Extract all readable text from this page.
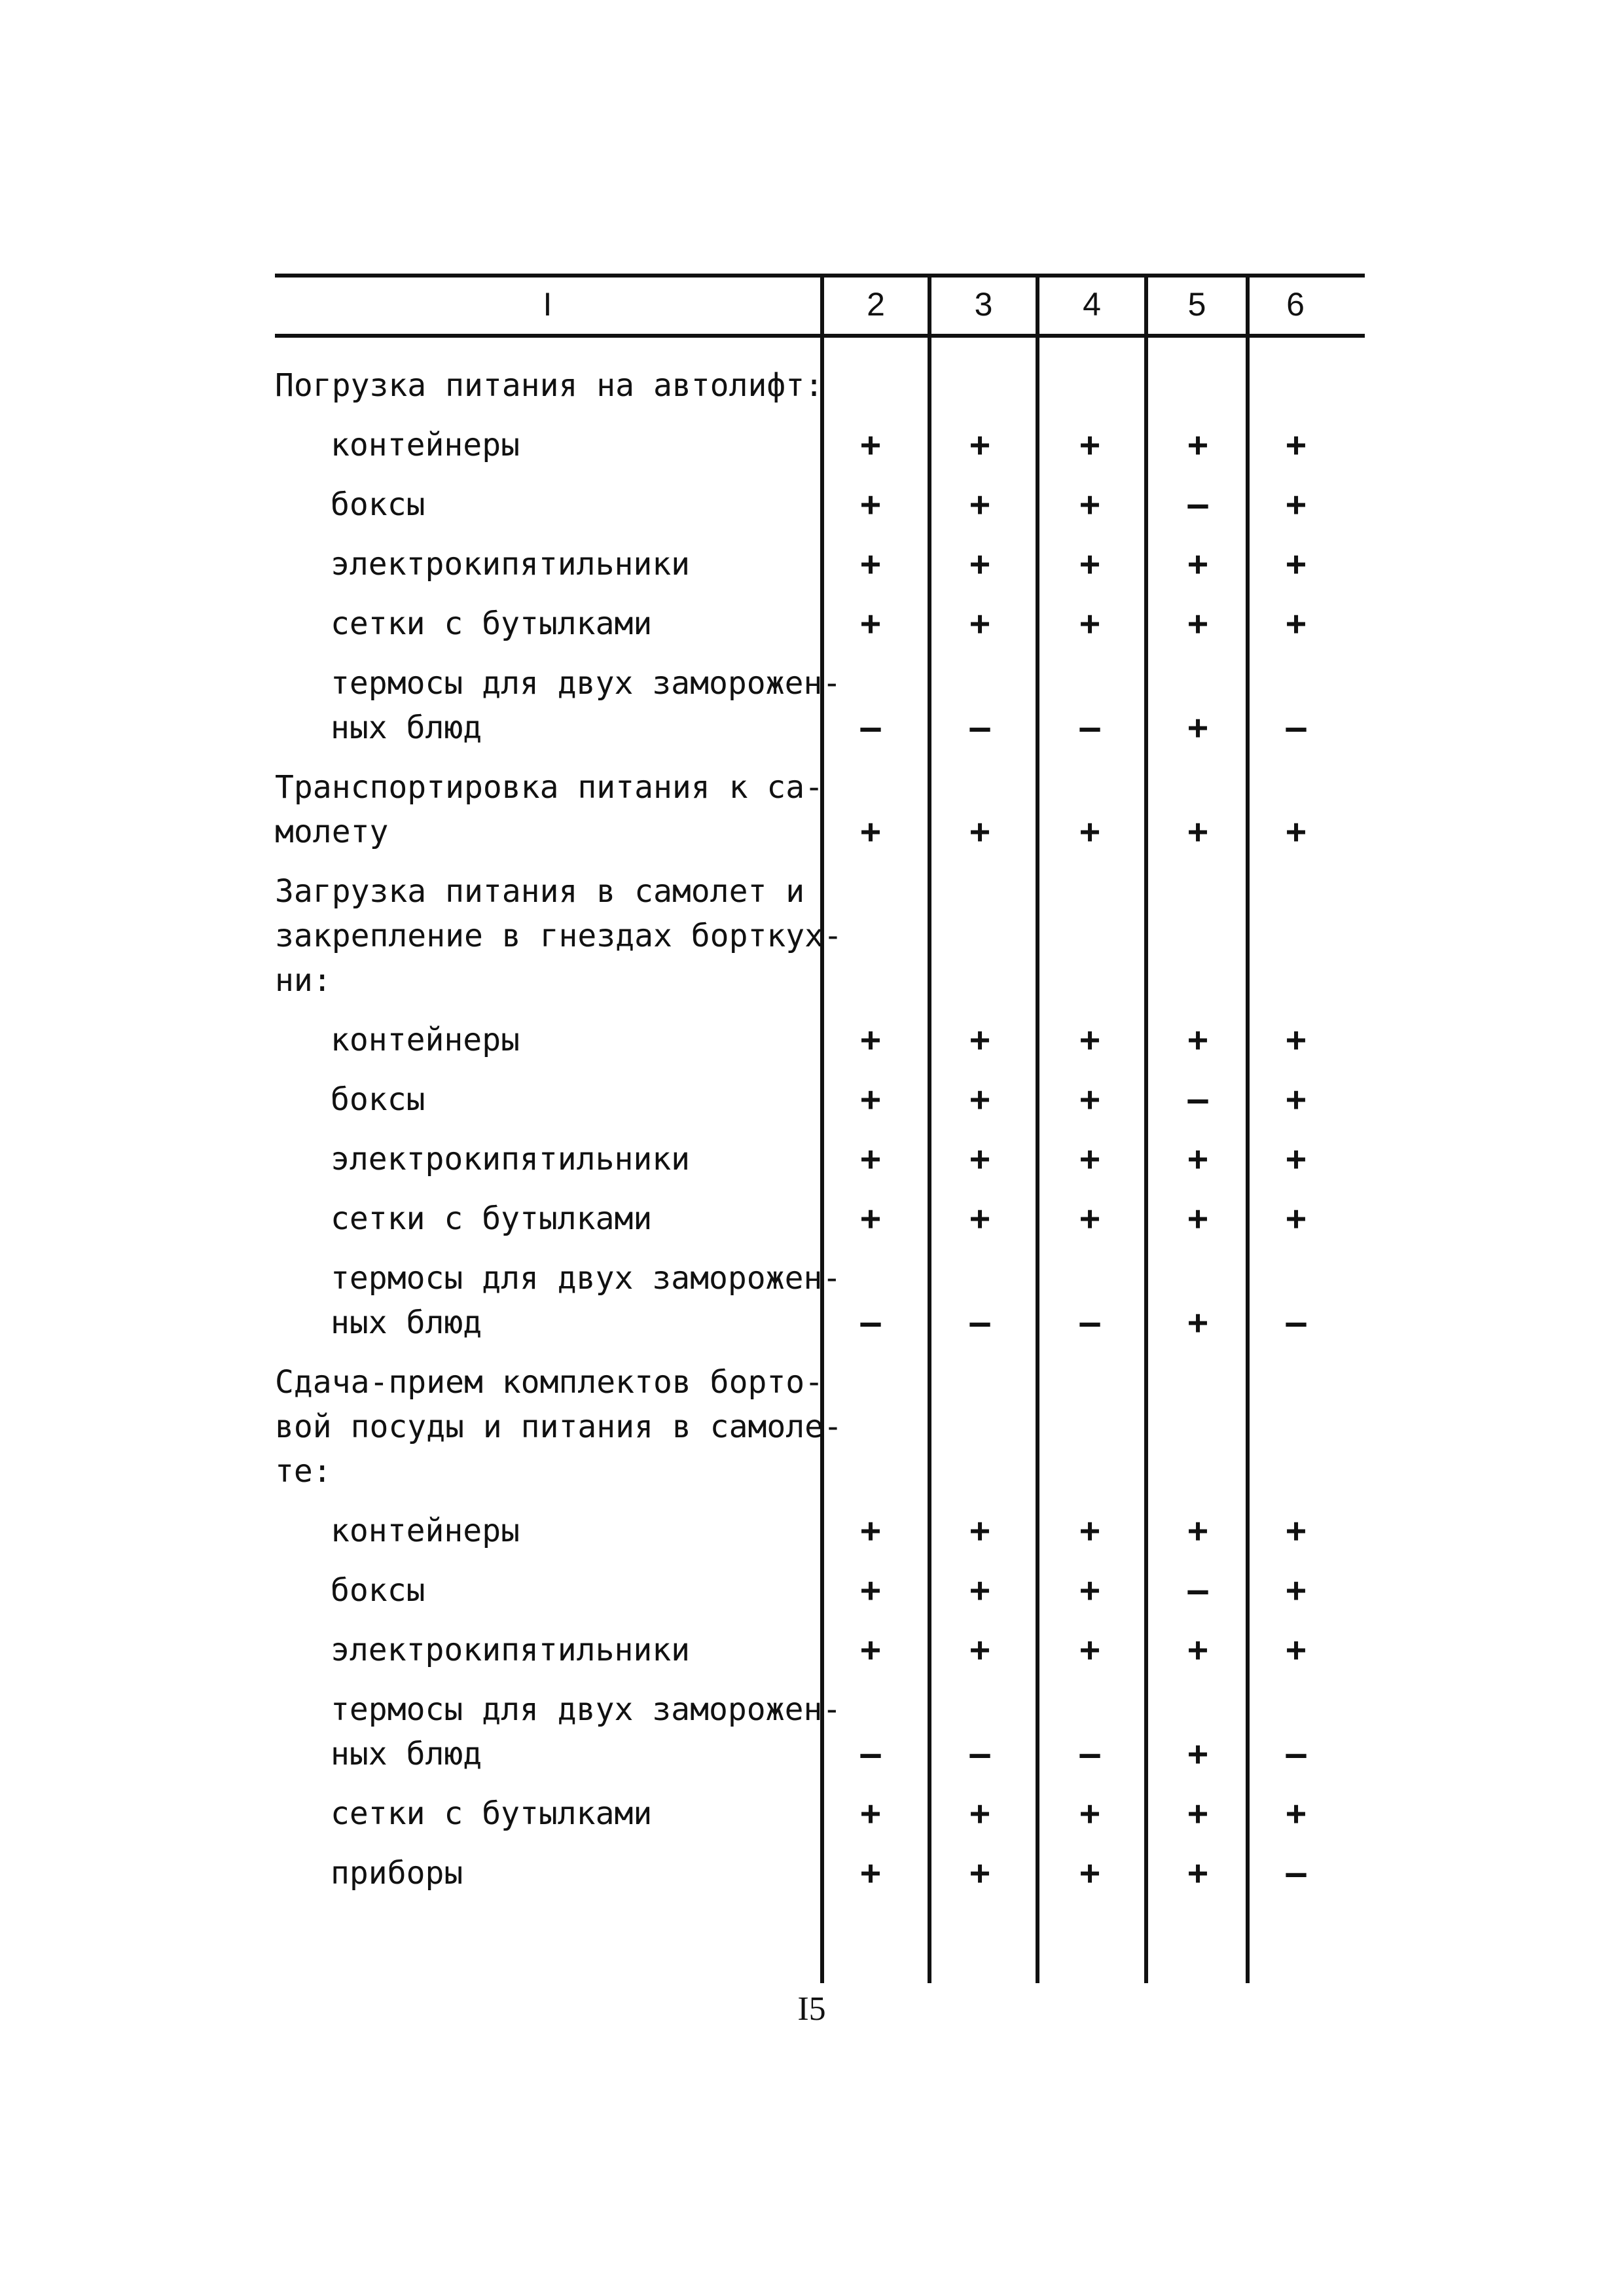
I	2	3	4	5	6
Погрузка питания на автолифт:
контейнеры	+	+	+	+	+
боксы	+	+	+	–	+
электрокипятильники	+	+	+	+	+
сетки с бутылками	+	+	+	+	+
термосы для двух заморожен-
ных блюд	–	–	–	+	–
Транспортировка питания к са-
молету	+	+	+	+	+
Загрузка питания в самолет и
закрепление в гнездах борткух-
ни:
контейнеры	+	+	+	+	+
боксы	+	+	+	–	+
электрокипятильники	+	+	+	+	+
сетки с бутылками	+	+	+	+	+
термосы для двух заморожен-
ных блюд	–	–	–	+	–
Сдача-прием комплектов борто-
вой посуды и питания в самоле-
те:
контейнеры	+	+	+	+	+
боксы	+	+	+	–	+
электрокипятильники	+	+	+	+	+
термосы для двух заморожен-
ных блюд	–	–	–	+	–
сетки с бутылками	+	+	+	+	+
приборы	+	+	+	+	–
I5
